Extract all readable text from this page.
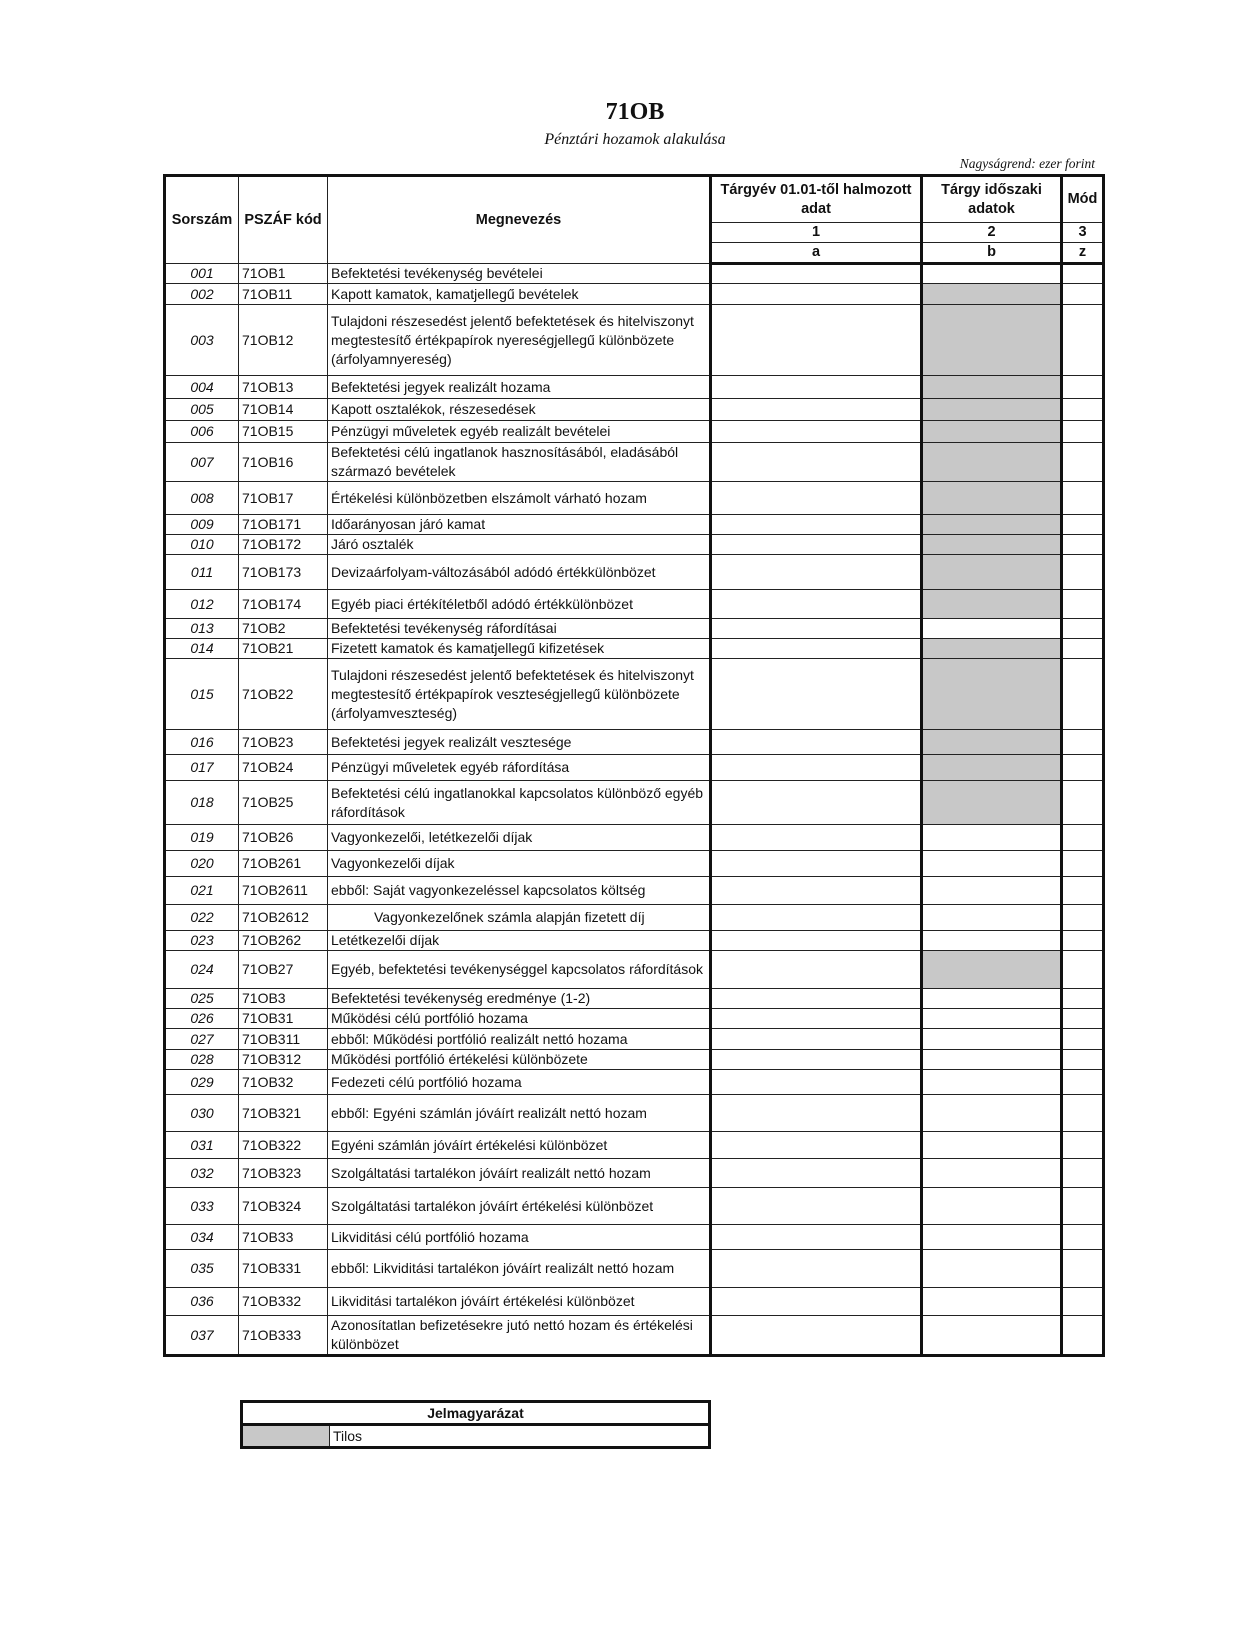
71OB
Pénztári hozamok alakulása
Nagyságrend: ezer forint
Sorszám	PSZÁF kód	Megnevezés	Tárgyév 01.01-től halmozott adat	Tárgy időszaki adatok	Mód
			1	2	3
			a	b	z
001	71OB1	Befektetési tevékenység bevételei			
002	71OB11	Kapott kamatok, kamatjellegű bevételek			
003	71OB12	Tulajdoni részesedést jelentő befektetések és hitelviszonyt megtestesítő értékpapírok nyereségjellegű különbözete (árfolyamnyereség)			
004	71OB13	Befektetési jegyek realizált hozama			
005	71OB14	Kapott osztalékok, részesedések			
006	71OB15	Pénzügyi műveletek egyéb realizált bevételei			
007	71OB16	Befektetési célú ingatlanok hasznosításából, eladásából származó bevételek			
008	71OB17	Értékelési különbözetben elszámolt várható hozam			
009	71OB171	Időarányosan járó kamat			
010	71OB172	Járó osztalék			
011	71OB173	Devizaárfolyam-változásából adódó értékkülönbözet			
012	71OB174	Egyéb piaci értékítéletből adódó értékkülönbözet			
013	71OB2	Befektetési tevékenység ráfordításai			
014	71OB21	Fizetett kamatok és kamatjellegű kifizetések			
015	71OB22	Tulajdoni részesedést jelentő befektetések és hitelviszonyt megtestesítő értékpapírok veszteségjellegű különbözete (árfolyamveszteség)			
016	71OB23	Befektetési jegyek realizált vesztesége			
017	71OB24	Pénzügyi műveletek egyéb ráfordítása			
018	71OB25	Befektetési célú ingatlanokkal kapcsolatos különböző egyéb ráfordítások			
019	71OB26	Vagyonkezelői, letétkezelői díjak			
020	71OB261	Vagyonkezelői díjak			
021	71OB2611	ebből: Saját vagyonkezeléssel kapcsolatos költség			
022	71OB2612	Vagyonkezelőnek számla alapján fizetett díj			
023	71OB262	Letétkezelői díjak			
024	71OB27	Egyéb, befektetési tevékenységgel kapcsolatos ráfordítások			
025	71OB3	Befektetési tevékenység eredménye (1-2)			
026	71OB31	Működési célú portfólió hozama			
027	71OB311	ebből: Működési portfólió realizált nettó hozama			
028	71OB312	Működési portfólió értékelési különbözete			
029	71OB32	Fedezeti célú portfólió hozama			
030	71OB321	ebből: Egyéni számlán jóváírt realizált nettó hozam			
031	71OB322	Egyéni számlán jóváírt értékelési különbözet			
032	71OB323	Szolgáltatási tartalékon jóváírt realizált nettó hozam			
033	71OB324	Szolgáltatási tartalékon jóváírt értékelési különbözet			
034	71OB33	Likviditási célú portfólió hozama			
035	71OB331	ebből: Likviditási tartalékon jóváírt realizált nettó hozam			
036	71OB332	Likviditási tartalékon jóváírt értékelési különbözet			
037	71OB333	Azonosítatlan befizetésekre jutó nettó hozam és értékelési különbözet			
Jelmagyarázat
	Tilos
